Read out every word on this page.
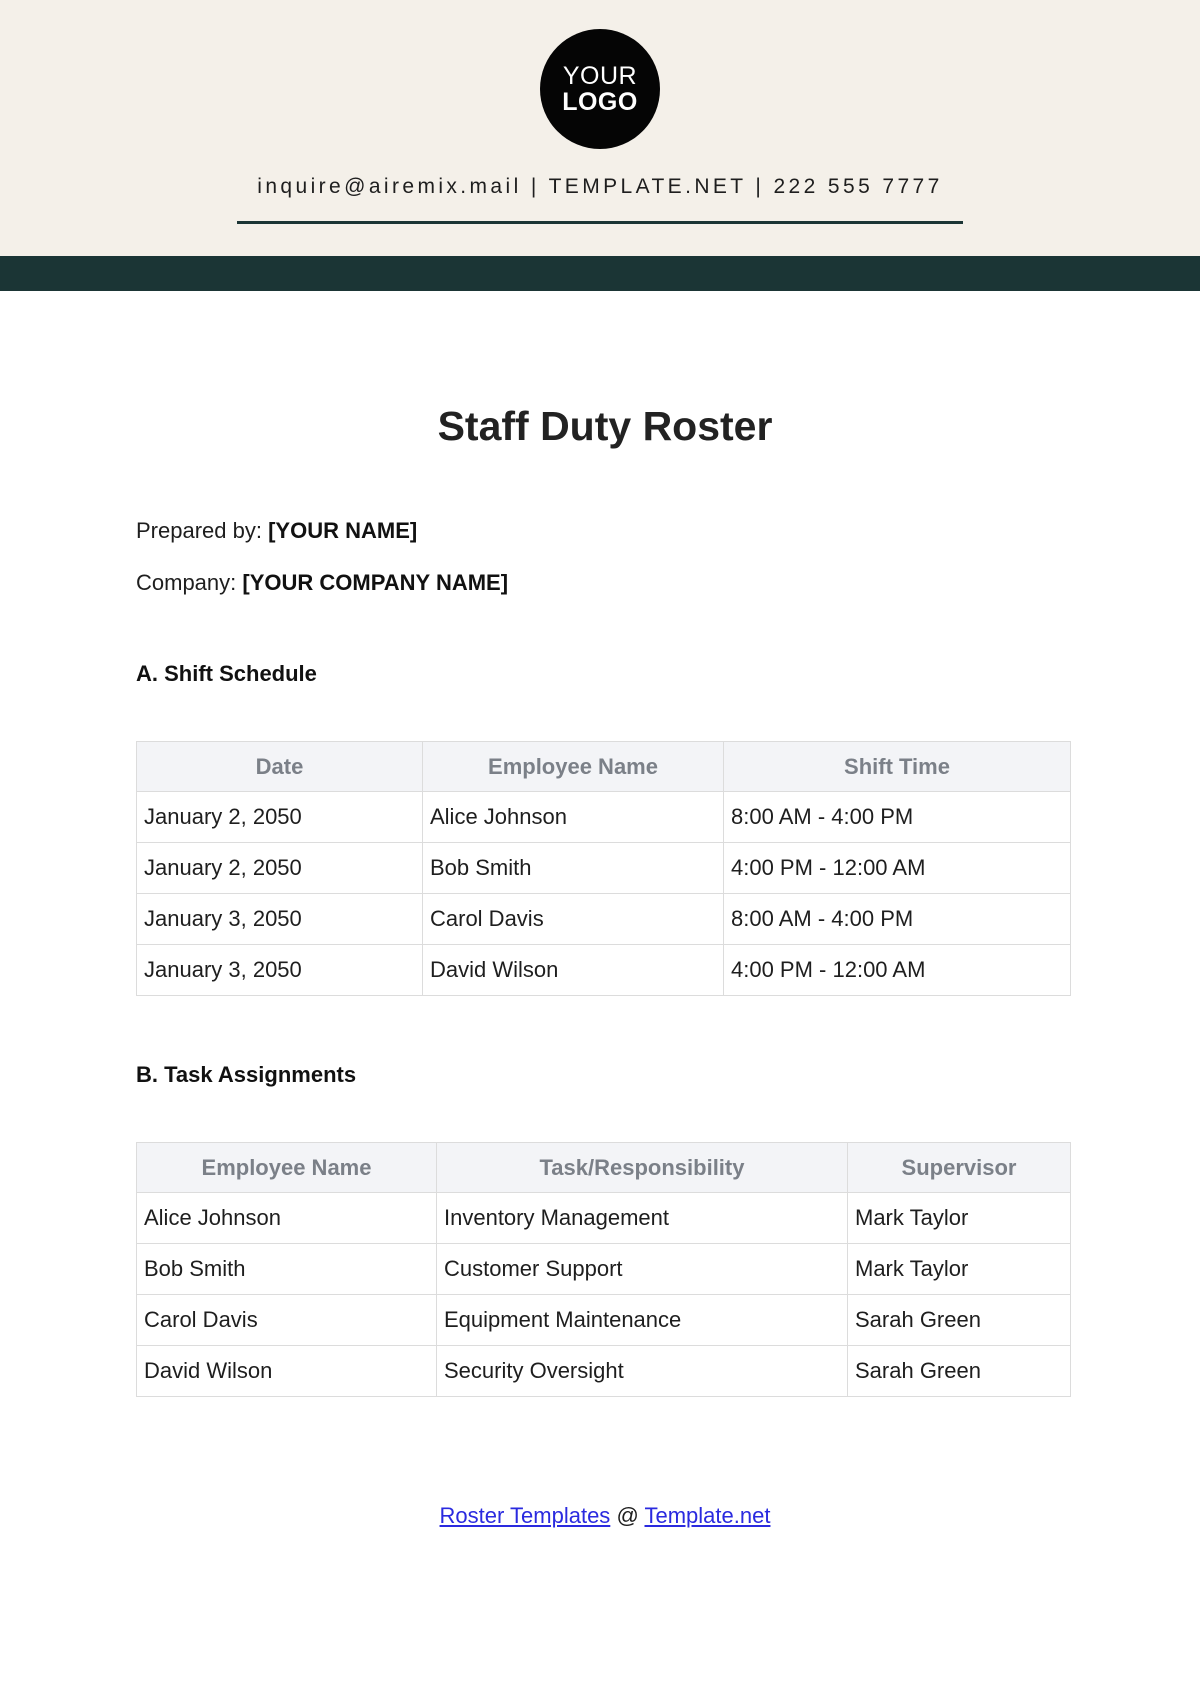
YOUR
LOGO
inquire@airemix.mail | TEMPLATE.NET | 222 555 7777
Staff Duty Roster
Prepared by: [YOUR NAME]
Company: [YOUR COMPANY NAME]
A. Shift Schedule
Date	Employee Name	Shift Time
January 2, 2050	Alice Johnson	8:00 AM - 4:00 PM
January 2, 2050	Bob Smith	4:00 PM - 12:00 AM
January 3, 2050	Carol Davis	8:00 AM - 4:00 PM
January 3, 2050	David Wilson	4:00 PM - 12:00 AM
B. Task Assignments
Employee Name	Task/Responsibility	Supervisor
Alice Johnson	Inventory Management	Mark Taylor
Bob Smith	Customer Support	Mark Taylor
Carol Davis	Equipment Maintenance	Sarah Green
David Wilson	Security Oversight	Sarah Green
Roster Templates @ Template.net
